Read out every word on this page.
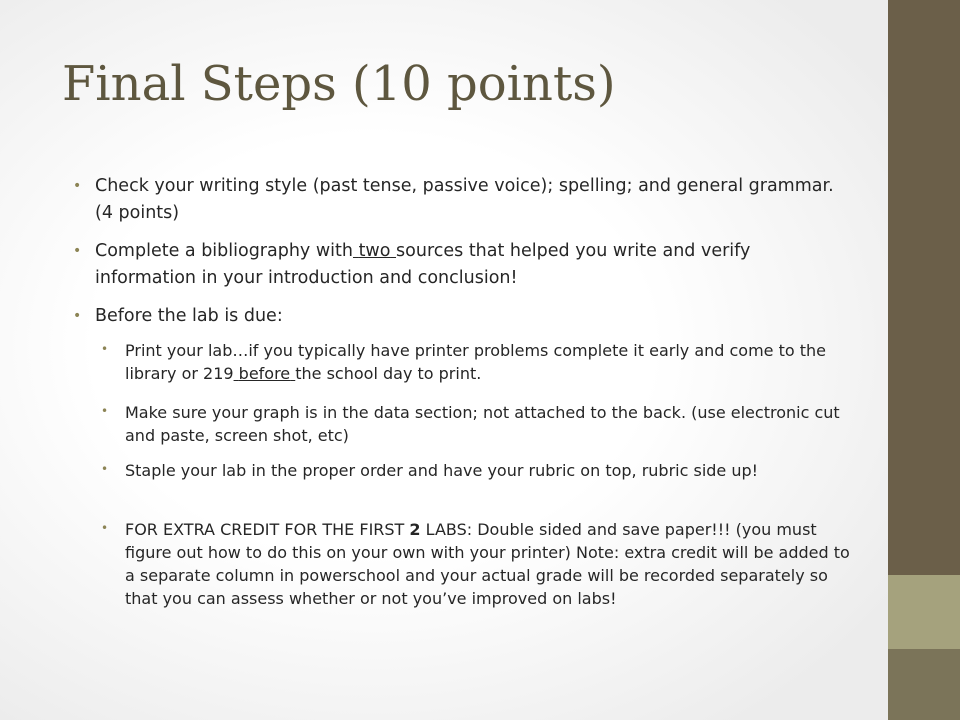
Final Steps (10 points)
• Check your writing style (past tense, passive voice); spelling; and general grammar. (4 points)
• Complete a bibliography with two sources that helped you write and verify information in your introduction and conclusion!
• Before the lab is due:
• Print your lab…if you typically have printer problems complete it early and come to the library or 219 before the school day to print.
• Make sure your graph is in the data section; not attached to the back. (use electronic cut and paste, screen shot, etc)
• Staple your lab in the proper order and have your rubric on top, rubric side up!
• FOR EXTRA CREDIT FOR THE FIRST 2 LABS: Double sided and save paper!!! (you must figure out how to do this on your own with your printer) Note: extra credit will be added to a separate column in powerschool and your actual grade will be recorded separately so that you can assess whether or not you’ve improved on labs!
